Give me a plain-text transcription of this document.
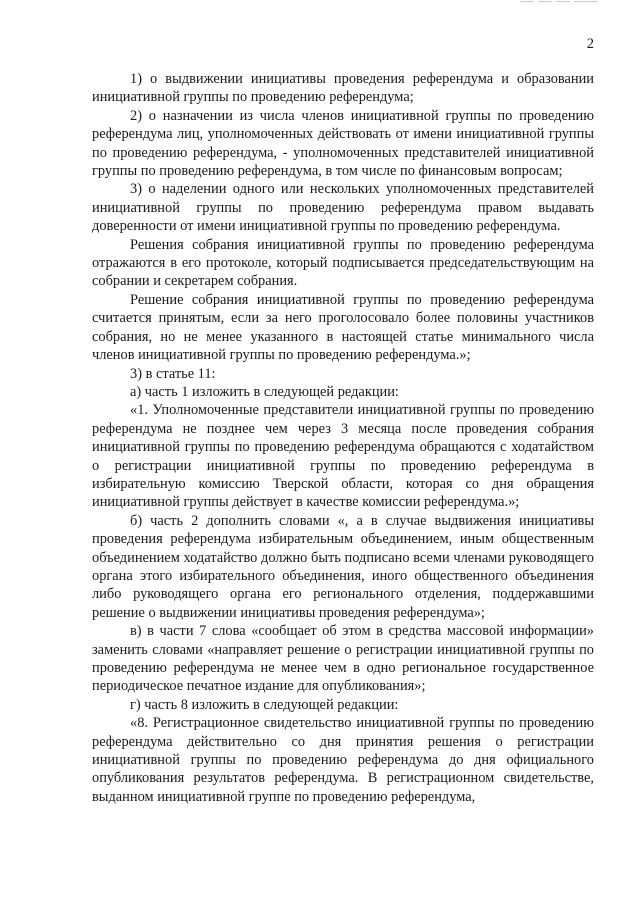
2

1) о выдвижении инициативы проведения референдума и образовании инициативной группы по проведению референдума;

2) о назначении из числа членов инициативной группы по проведению референдума лиц, уполномоченных действовать от имени инициативной группы по проведению референдума, - уполномоченных представителей инициативной группы по проведению референдума, в том числе по финансовым вопросам;

3) о наделении одного или нескольких уполномоченных представителей инициативной группы по проведению референдума правом выдавать доверенности от имени инициативной группы по проведению референдума.

Решения собрания инициативной группы по проведению референдума отражаются в его протоколе, который подписывается председательствующим на собрании и секретарем собрания.

Решение собрания инициативной группы по проведению референдума считается принятым, если за него проголосовало более половины участников собрания, но не менее указанного в настоящей статье минимального числа членов инициативной группы по проведению референдума.»;

3) в статье 11:

а) часть 1 изложить в следующей редакции:

«1. Уполномоченные представители инициативной группы по проведению референдума не позднее чем через 3 месяца после проведения собрания инициативной группы по проведению референдума обращаются с ходатайством о регистрации инициативной группы по проведению референдума в избирательную комиссию Тверской области, которая со дня обращения инициативной группы действует в качестве комиссии референдума.»;

б) часть 2 дополнить словами «, а в случае выдвижения инициативы проведения референдума избирательным объединением, иным общественным объединением ходатайство должно быть подписано всеми членами руководящего органа этого избирательного объединения, иного общественного объединения либо руководящего органа его регионального отделения, поддержавшими решение о выдвижении инициативы проведения референдума»;

в) в части 7 слова «сообщает об этом в средства массовой информации» заменить словами «направляет решение о регистрации инициативной группы по проведению референдума не менее чем в одно региональное государственное периодическое печатное издание для опубликования»;

г) часть 8 изложить в следующей редакции:

«8. Регистрационное свидетельство инициативной группы по проведению референдума действительно со дня принятия решения о регистрации инициативной группы по проведению референдума до дня официального опубликования результатов референдума. В регистрационном свидетельстве, выданном инициативной группе по проведению референдума,
